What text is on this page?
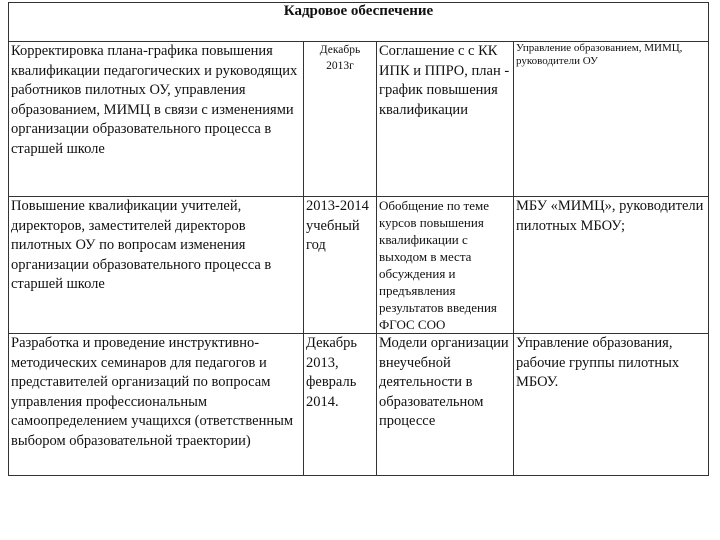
Кадровое обеспечение			
Корректировка плана-графика повышения квалификации педагогических и руководящих работников пилотных ОУ, управления образованием, МИМЦ в связи с изменениями организации образовательного процесса в старшей школе	Декабрь 2013г	Соглашение с с КК ИПК и ППРО, план - график повышения квалификации	Управление образованием, МИМЦ, руководители ОУ
Повышение квалификации учителей, директоров, заместителей директоров пилотных ОУ по вопросам изменения организации образовательного процесса в старшей школе	2013-2014 учебный год	Обобщение по теме курсов повышения квалификации с выходом в места обсуждения и предъявления результатов введения ФГОС СОО	МБУ «МИМЦ», руководители пилотных МБОУ;
Разработка и проведение инструктивно-методических семинаров для педагогов и представителей организаций по вопросам управления профессиональным самоопределением учащихся (ответственным выбором образовательной траектории)	Декабрь 2013, февраль 2014.	Модели организации внеучебной деятельности в образовательном процессе	Управление образования, рабочие группы пилотных МБОУ.
